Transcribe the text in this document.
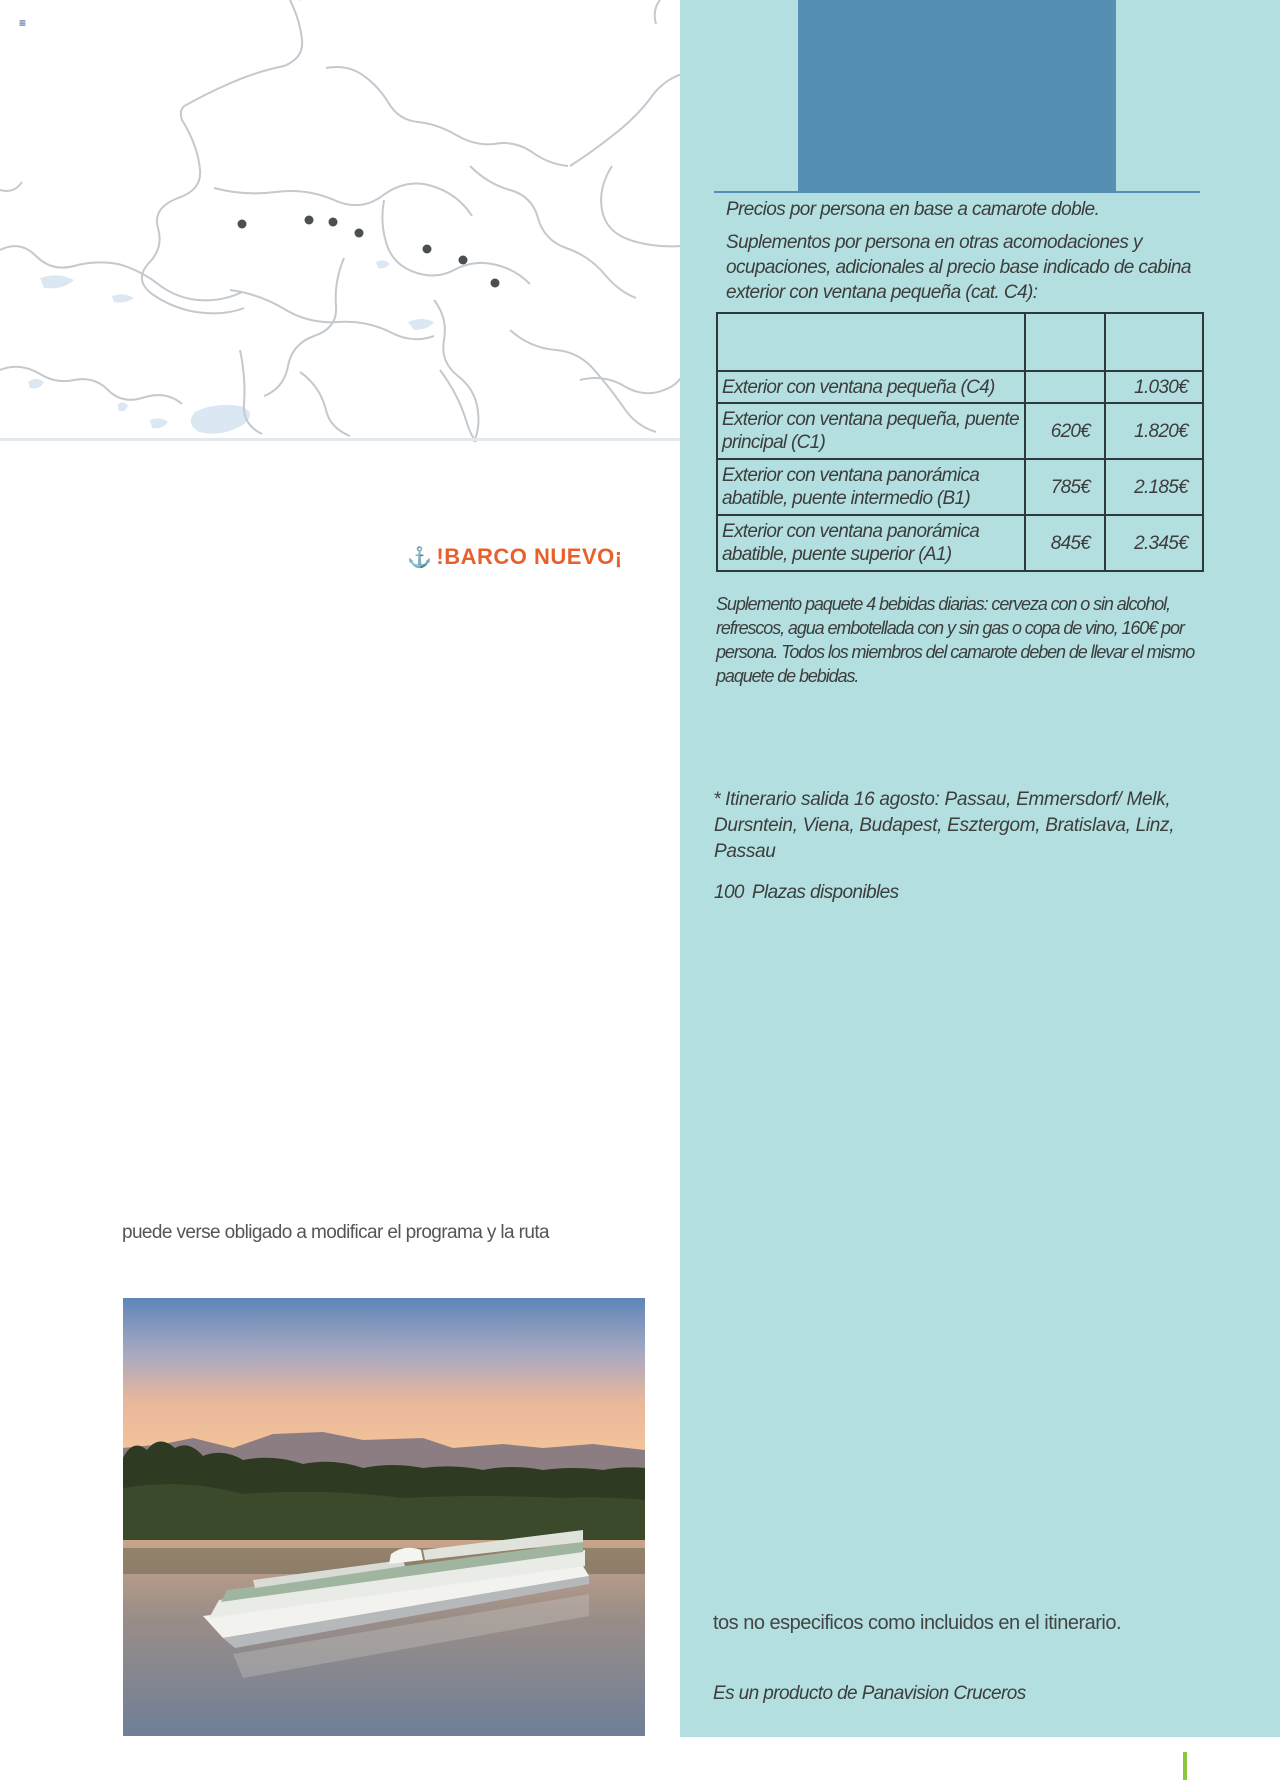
≡
⚓ !BARCO NUEVO¡
puede verse obligado a modificar el programa y la ruta
Precios por persona en base a camarote doble.
Suplementos por persona en otras acomodaciones y ocupaciones, adicionales al precio base indicado de cabina exterior con ventana pequeña (cat. C4):

Exterior con ventana pequeña (C4)		1.030€
Exterior con ventana pequeña, puente principal (C1)	620€	1.820€
Exterior con ventana panorámica abatible, puente intermedio (B1)	785€	2.185€
Exterior con ventana panorámica abatible, puente superior (A1)	845€	2.345€
Suplemento paquete 4 bebidas diarias: cerveza con o sin alcohol, refrescos, agua embotellada con y sin gas o copa de vino, 160€ por persona. Todos los miembros del camarote deben de llevar el mismo paquete de bebidas.
* Itinerario salida 16 agosto: Passau, Emmersdorf/ Melk, Dursntein, Viena, Budapest, Esztergom, Bratislava, Linz, Passau
100 Plazas disponibles
tos no especificos como incluidos en el itinerario.
Es un producto de Panavision Cruceros
